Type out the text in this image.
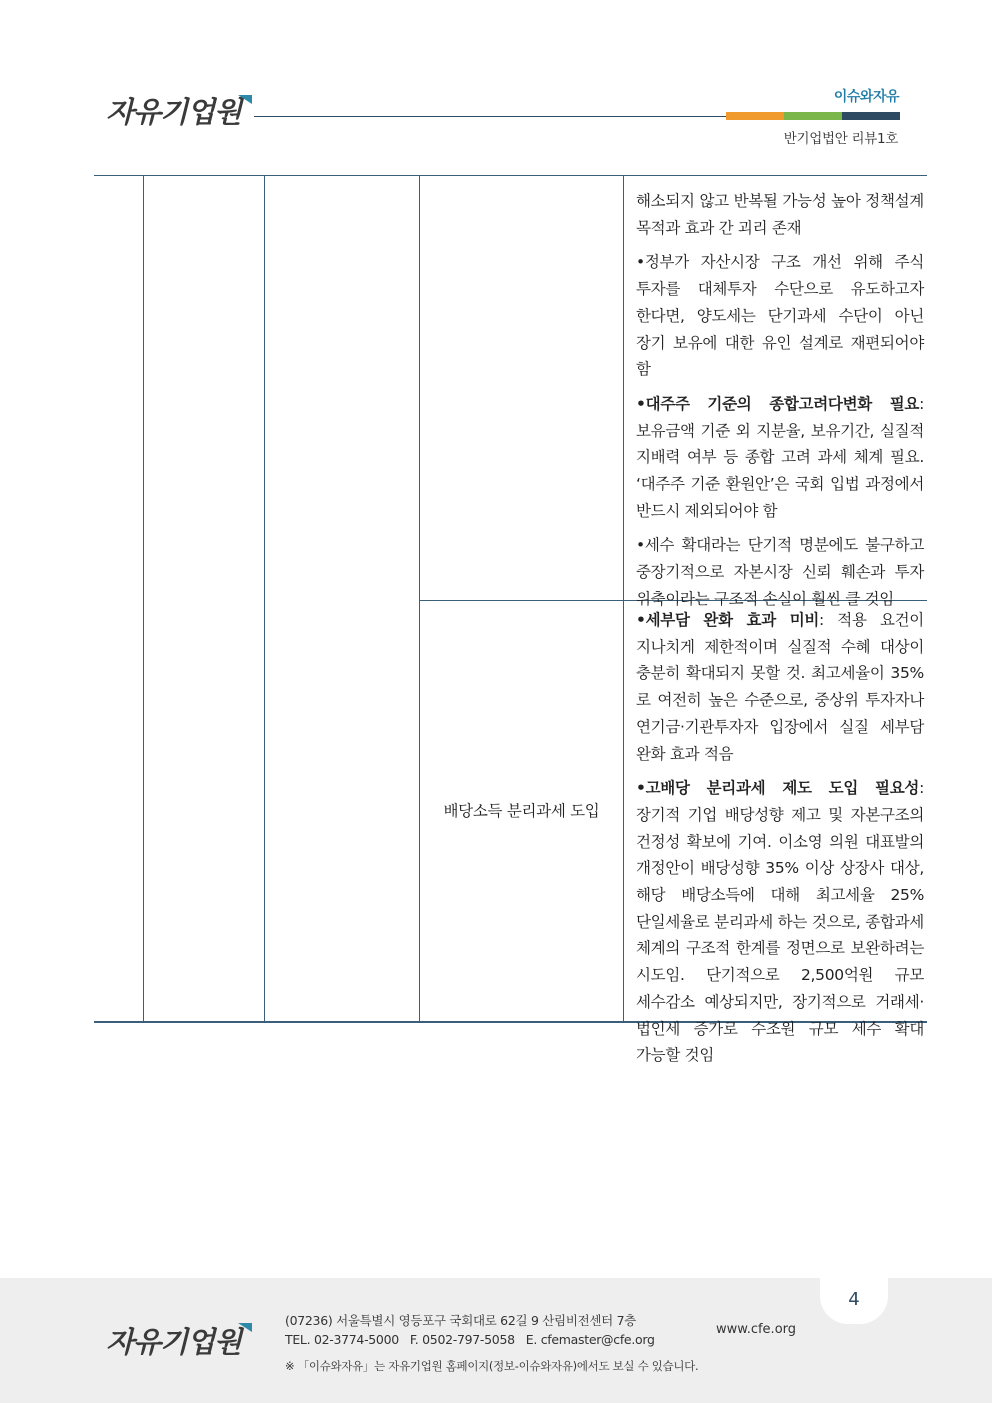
자유기업원	이슈와자유
반기업법안 리뷰1호

해소되지 않고 반복될 가능성 높아 정책설계 목적과 효과 간 괴리 존재

•정부가 자산시장 구조 개선 위해 주식 투자를 대체투자 수단으로 유도하고자 한다면, 양도세는 단기과세 수단이 아닌 장기 보유에 대한 유인 설계로 재편되어야 함

•대주주 기준의 종합고려다변화 필요: 보유금액 기준 외 지분율, 보유기간, 실질적 지배력 여부 등 종합 고려 과세 체계 필요. ‘대주주 기준 환원안’은 국회 입법 과정에서 반드시 제외되어야 함

•세수 확대라는 단기적 명분에도 불구하고 중장기적으로 자본시장 신뢰 훼손과 투자 위축이라는 구조적 손실이 훨씬 클 것임

배당소득 분리과세 도입

•세부담 완화 효과 미비: 적용 요건이 지나치게 제한적이며 실질적 수혜 대상이 충분히 확대되지 못할 것. 최고세율이 35%로 여전히 높은 수준으로, 중상위 투자자나 연기금·기관투자자 입장에서 실질 세부담 완화 효과 적음

•고배당 분리과세 제도 도입 필요성: 장기적 기업 배당성향 제고 및 자본구조의 건정성 확보에 기여. 이소영 의원 대표발의 개정안이 배당성향 35% 이상 상장사 대상, 해당 배당소득에 대해 최고세율 25% 단일세율로 분리과세 하는 것으로, 종합과세 체계의 구조적 한계를 정면으로 보완하려는 시도임. 단기적으로 2,500억원 규모 세수감소 예상되지만, 장기적으로 거래세·법인세 증가로 수조원 규모 세수 확대 가능할 것임

4
자유기업원
(07236) 서울특별시 영등포구 국회대로 62길 9 산림비전센터 7층
TEL. 02-3774-5000   F. 0502-797-5058   E. cfemaster@cfe.org
※ 「이슈와자유」는 자유기업원 홈페이지(정보-이슈와자유)에서도 보실 수 있습니다.
www.cfe.org
